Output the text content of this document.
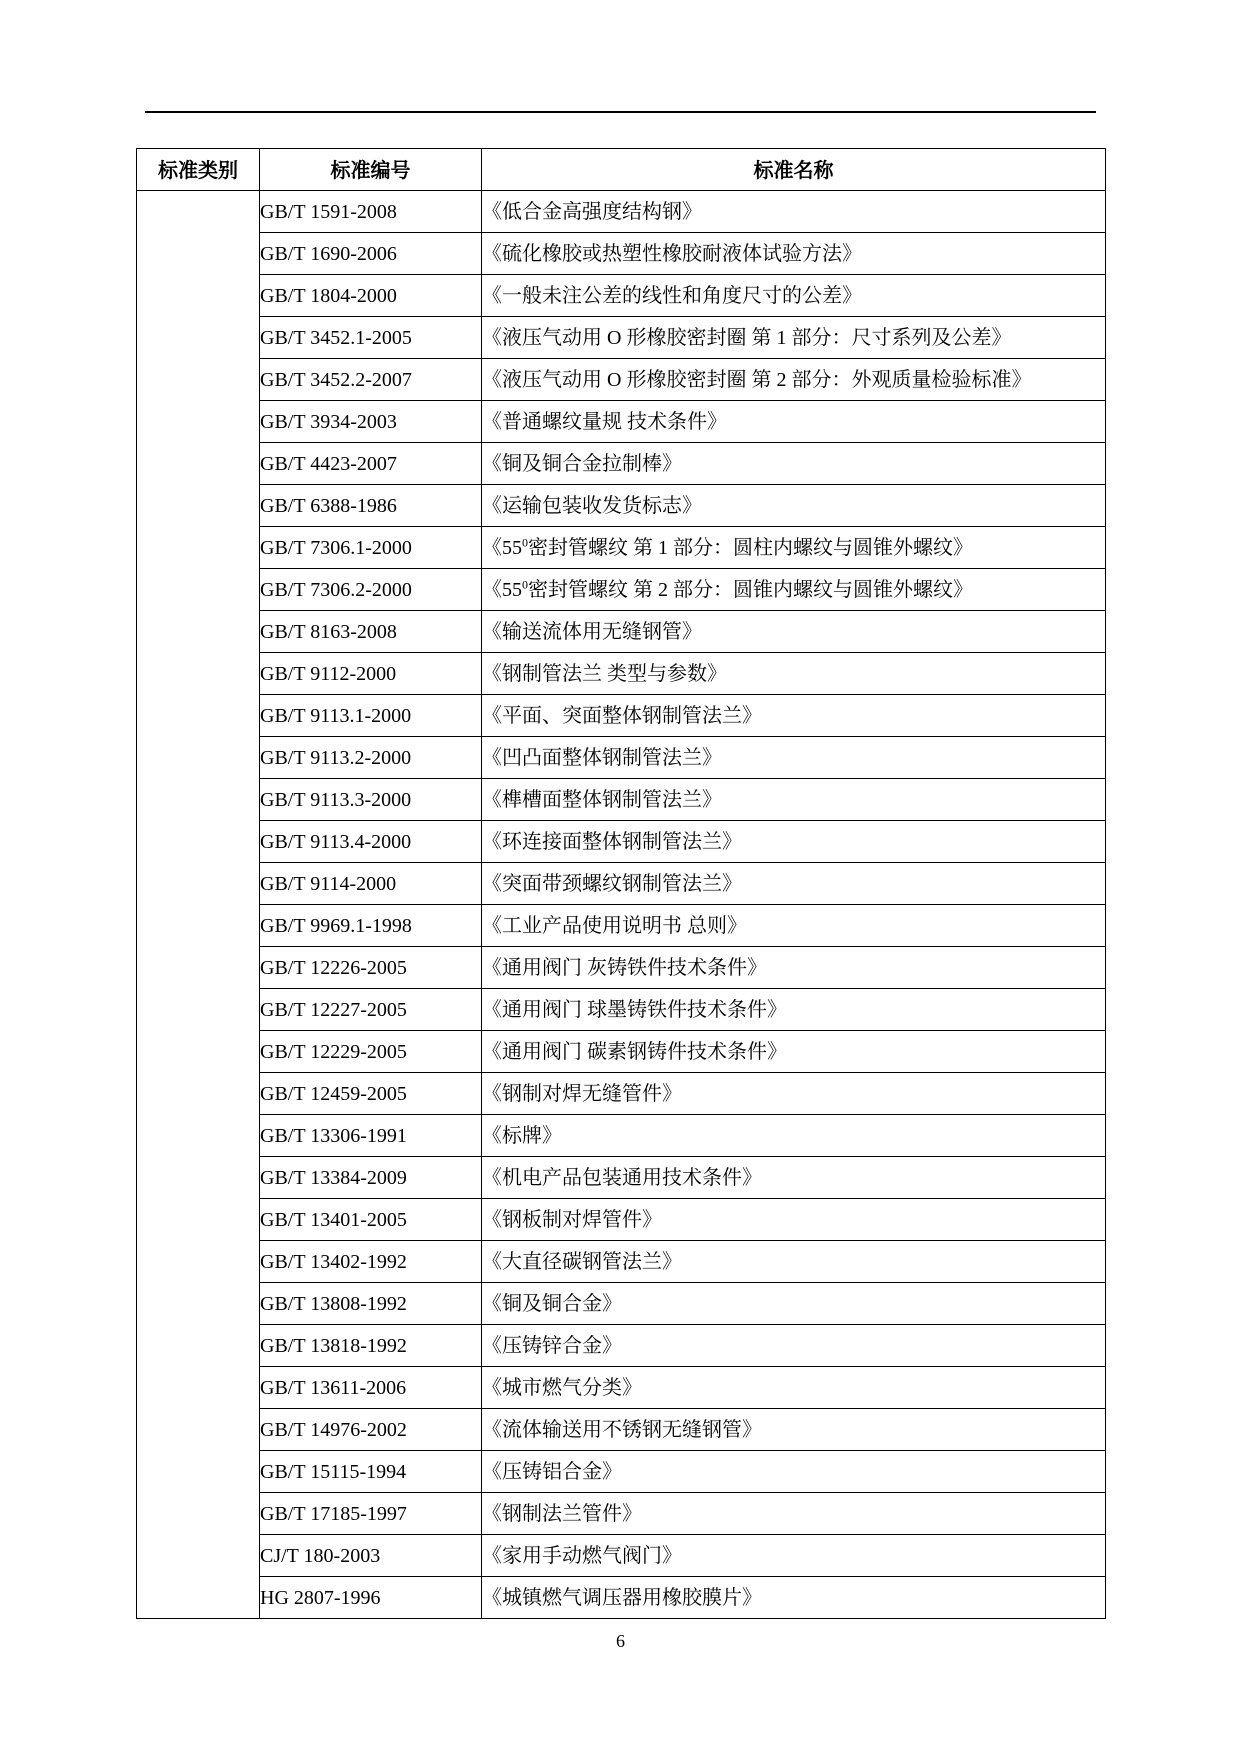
标准类别	标准编号	标准名称
	GB/T 1591-2008	《低合金高强度结构钢》
	GB/T 1690-2006	《硫化橡胶或热塑性橡胶耐液体试验方法》
	GB/T 1804-2000	《一般未注公差的线性和角度尺寸的公差》
	GB/T 3452.1-2005	《液压气动用 O 形橡胶密封圈 第 1 部分：尺寸系列及公差》
	GB/T 3452.2-2007	《液压气动用 O 形橡胶密封圈 第 2 部分：外观质量检验标准》
	GB/T 3934-2003	《普通螺纹量规 技术条件》
	GB/T 4423-2007	《铜及铜合金拉制棒》
	GB/T 6388-1986	《运输包装收发货标志》
	GB/T 7306.1-2000	《$55^0$密封管螺纹 第 1 部分：圆柱内螺纹与圆锥外螺纹》
	GB/T 7306.2-2000	《$55^0$密封管螺纹 第 2 部分：圆锥内螺纹与圆锥外螺纹》
	GB/T 8163-2008	《输送流体用无缝钢管》
	GB/T 9112-2000	《钢制管法兰 类型与参数》
	GB/T 9113.1-2000	《平面、突面整体钢制管法兰》
	GB/T 9113.2-2000	《凹凸面整体钢制管法兰》
	GB/T 9113.3-2000	《榫槽面整体钢制管法兰》
	GB/T 9113.4-2000	《环连接面整体钢制管法兰》
	GB/T 9114-2000	《突面带颈螺纹钢制管法兰》
	GB/T 9969.1-1998	《工业产品使用说明书 总则》
	GB/T 12226-2005	《通用阀门 灰铸铁件技术条件》
	GB/T 12227-2005	《通用阀门 球墨铸铁件技术条件》
	GB/T 12229-2005	《通用阀门 碳素钢铸件技术条件》
	GB/T 12459-2005	《钢制对焊无缝管件》
	GB/T 13306-1991	《标牌》
	GB/T 13384-2009	《机电产品包装通用技术条件》
	GB/T 13401-2005	《钢板制对焊管件》
	GB/T 13402-1992	《大直径碳钢管法兰》
	GB/T 13808-1992	《铜及铜合金》
	GB/T 13818-1992	《压铸锌合金》
	GB/T 13611-2006	《城市燃气分类》
	GB/T 14976-2002	《流体输送用不锈钢无缝钢管》
	GB/T 15115-1994	《压铸铝合金》
	GB/T 17185-1997	《钢制法兰管件》
	CJ/T 180-2003	《家用手动燃气阀门》
	HG 2807-1996	《城镇燃气调压器用橡胶膜片》
6
